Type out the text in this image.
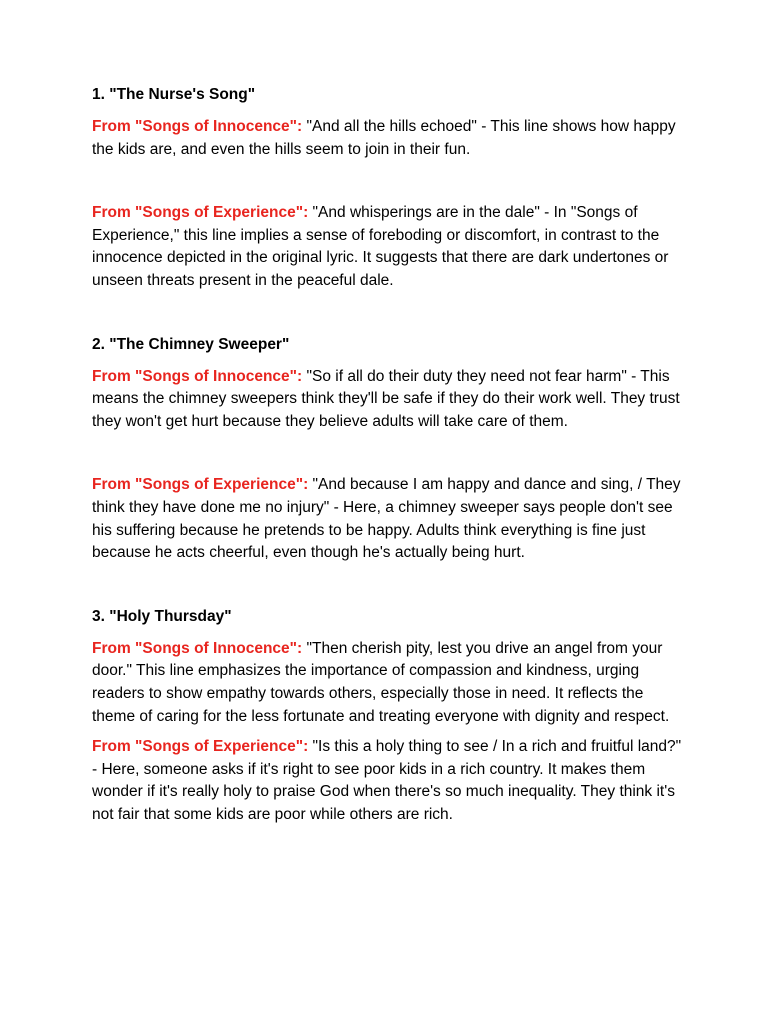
1. "The Nurse's Song"

From "Songs of Innocence": "And all the hills echoed" - This line shows how happy the kids are, and even the hills seem to join in their fun.

From "Songs of Experience": "And whisperings are in the dale" - In "Songs of Experience," this line implies a sense of foreboding or discomfort, in contrast to the innocence depicted in the original lyric. It suggests that there are dark undertones or unseen threats present in the peaceful dale.

2. "The Chimney Sweeper"

From "Songs of Innocence": "So if all do their duty they need not fear harm" - This means the chimney sweepers think they'll be safe if they do their work well. They trust they won't get hurt because they believe adults will take care of them.

From "Songs of Experience": "And because I am happy and dance and sing, / They think they have done me no injury" - Here, a chimney sweeper says people don't see his suffering because he pretends to be happy. Adults think everything is fine just because he acts cheerful, even though he's actually being hurt.

3. "Holy Thursday"

From "Songs of Innocence": "Then cherish pity, lest you drive an angel from your door." This line emphasizes the importance of compassion and kindness, urging readers to show empathy towards others, especially those in need. It reflects the theme of caring for the less fortunate and treating everyone with dignity and respect.

From "Songs of Experience": "Is this a holy thing to see / In a rich and fruitful land?" - Here, someone asks if it's right to see poor kids in a rich country. It makes them wonder if it's really holy to praise God when there's so much inequality. They think it's not fair that some kids are poor while others are rich.
